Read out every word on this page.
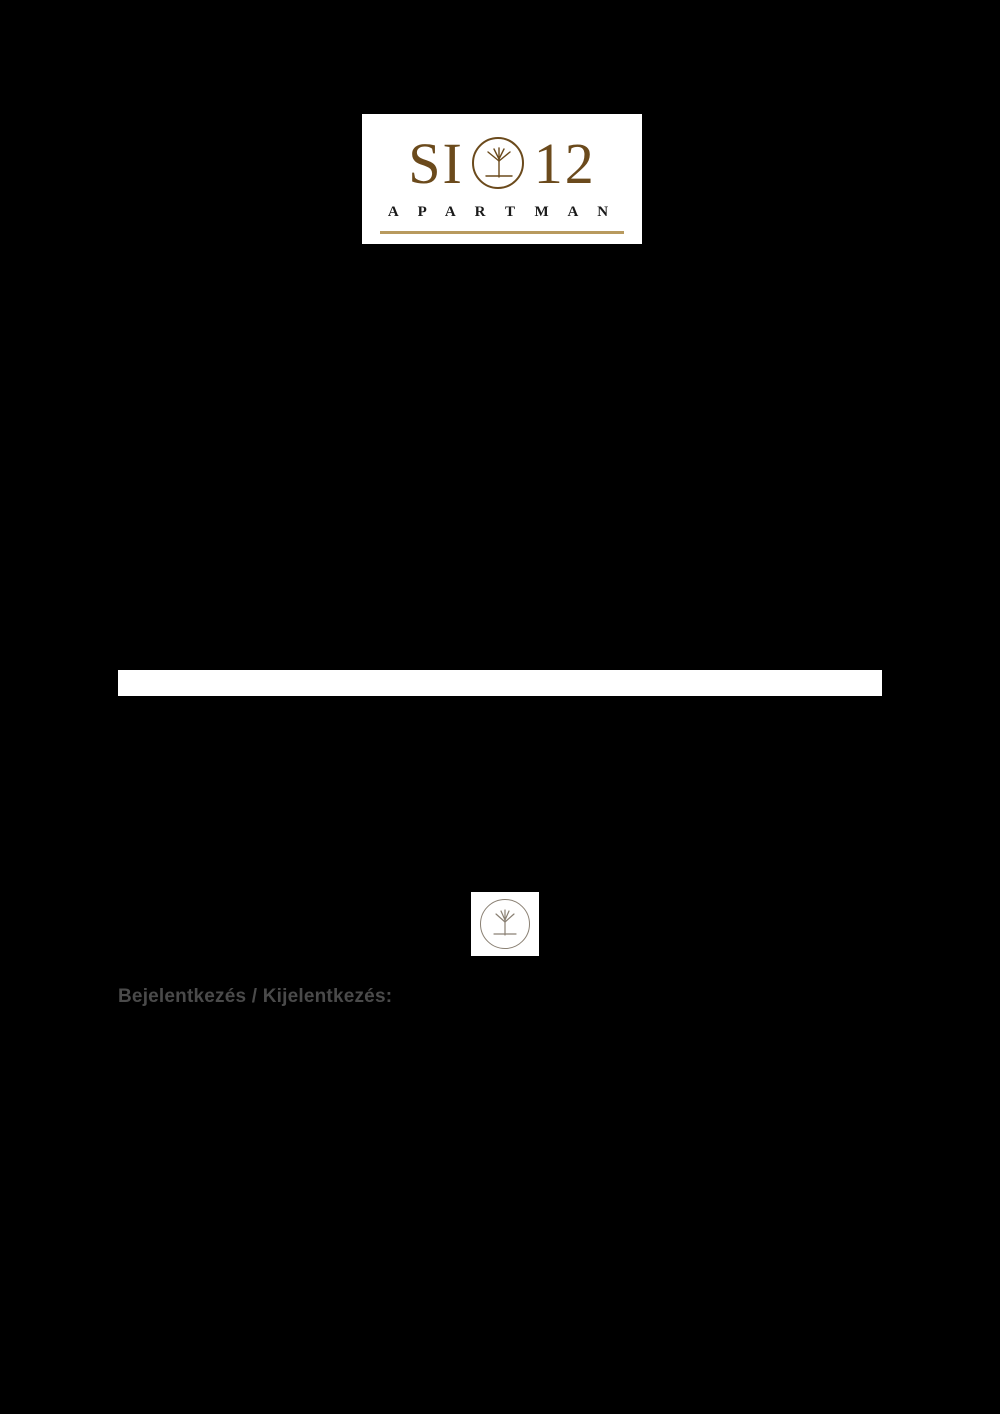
SI 12
A P A R T M A N
Bejelentkezés / Kijelentkezés:
